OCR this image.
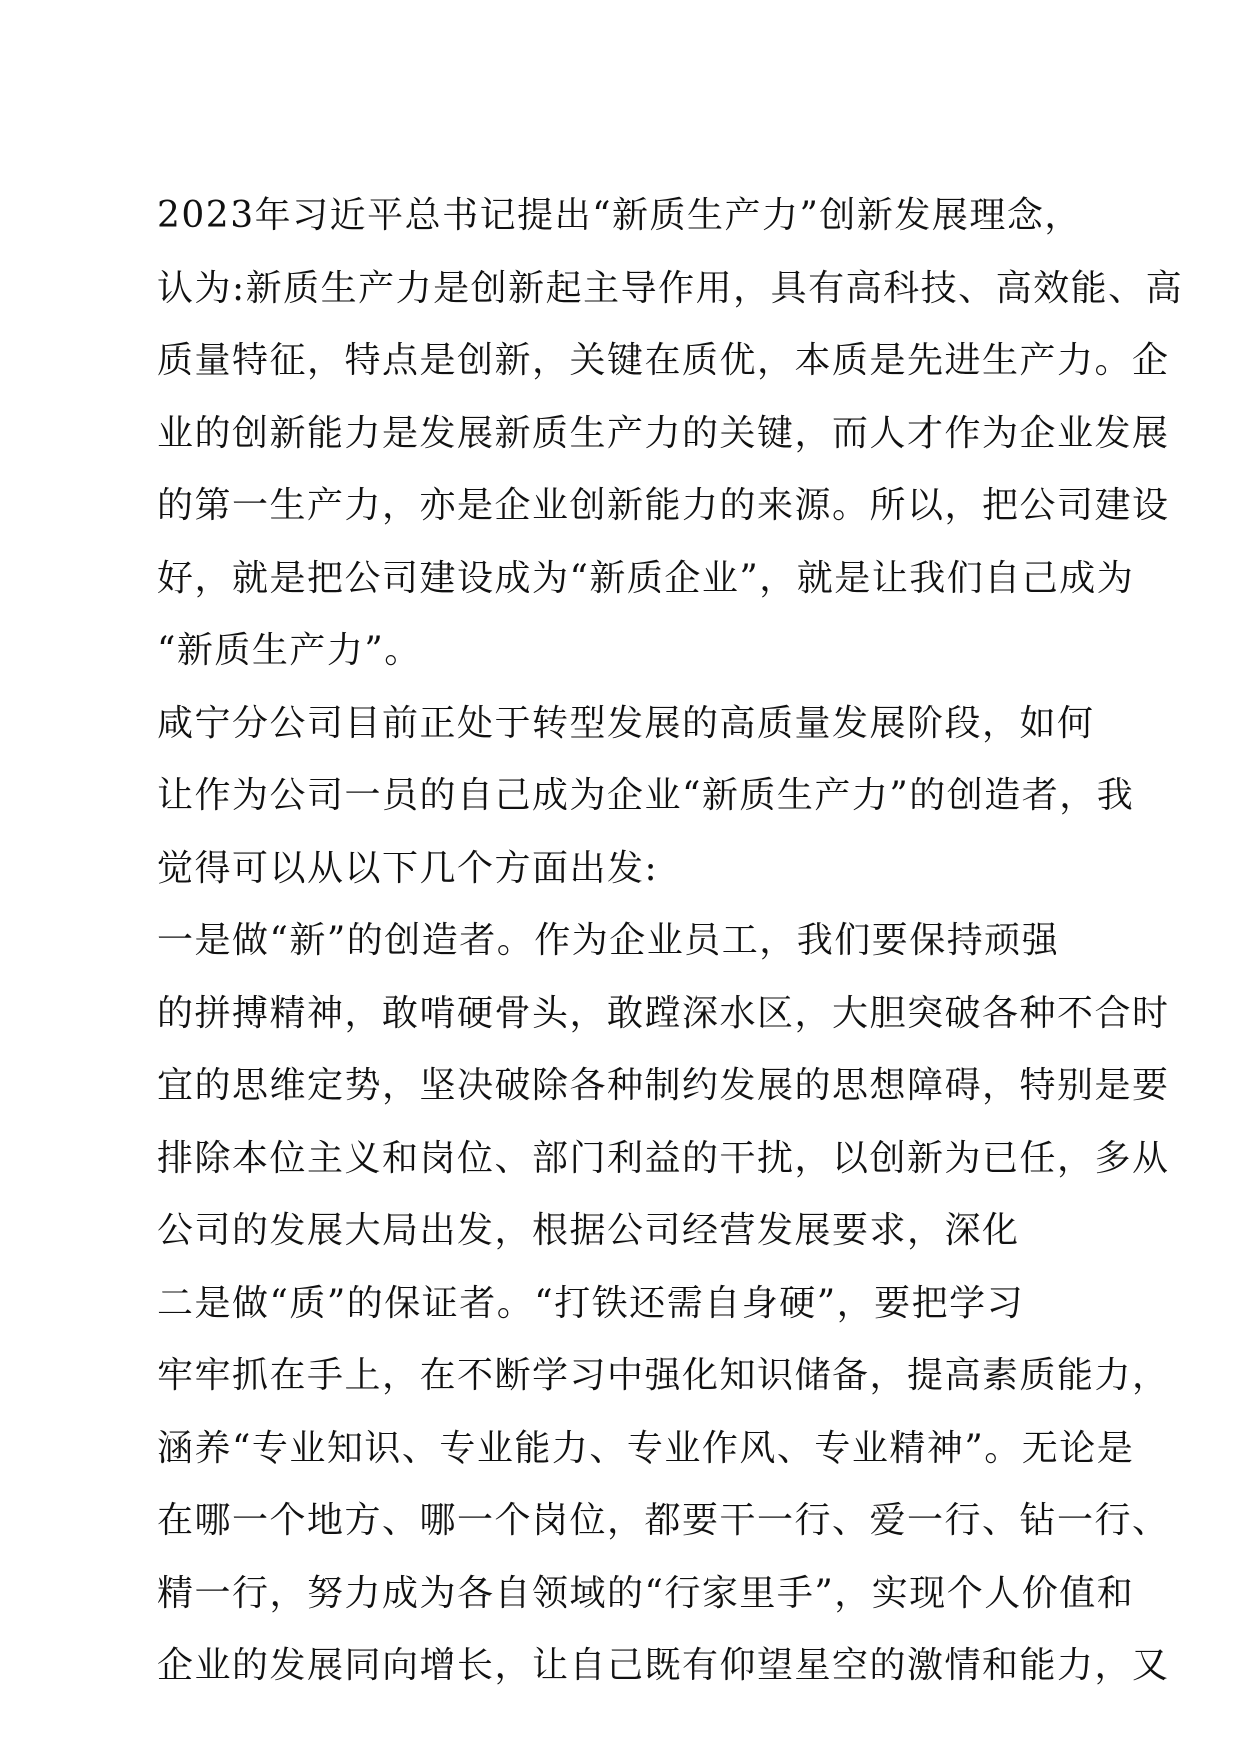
2023年习近平总书记提出“新质生产力”创新发展理念，
认为:新质生产力是创新起主导作用，具有高科技、高效能、高
质量特征，特点是创新，关键在质优，本质是先进生产力。企
业的创新能力是发展新质生产力的关键，而人才作为企业发展
的第一生产力，亦是企业创新能力的来源。所以，把公司建设
好，就是把公司建设成为“新质企业”，就是让我们自己成为
“新质生产力”。
咸宁分公司目前正处于转型发展的高质量发展阶段，如何
让作为公司一员的自己成为企业“新质生产力”的创造者，我
觉得可以从以下几个方面出发:
一是做“新”的创造者。作为企业员工，我们要保持顽强
的拼搏精神，敢啃硬骨头，敢蹚深水区，大胆突破各种不合时
宜的思维定势，坚决破除各种制约发展的思想障碍，特别是要
排除本位主义和岗位、部门利益的干扰，以创新为已任，多从
公司的发展大局出发，根据公司经营发展要求，深化
二是做“质”的保证者。“打铁还需自身硬”，要把学习
牢牢抓在手上，在不断学习中强化知识储备，提高素质能力，
涵养“专业知识、专业能力、专业作风、专业精神”。无论是
在哪一个地方、哪一个岗位，都要干一行、爱一行、钻一行、
精一行，努力成为各自领域的“行家里手”，实现个人价值和
企业的发展同向增长，让自己既有仰望星空的激情和能力，又
